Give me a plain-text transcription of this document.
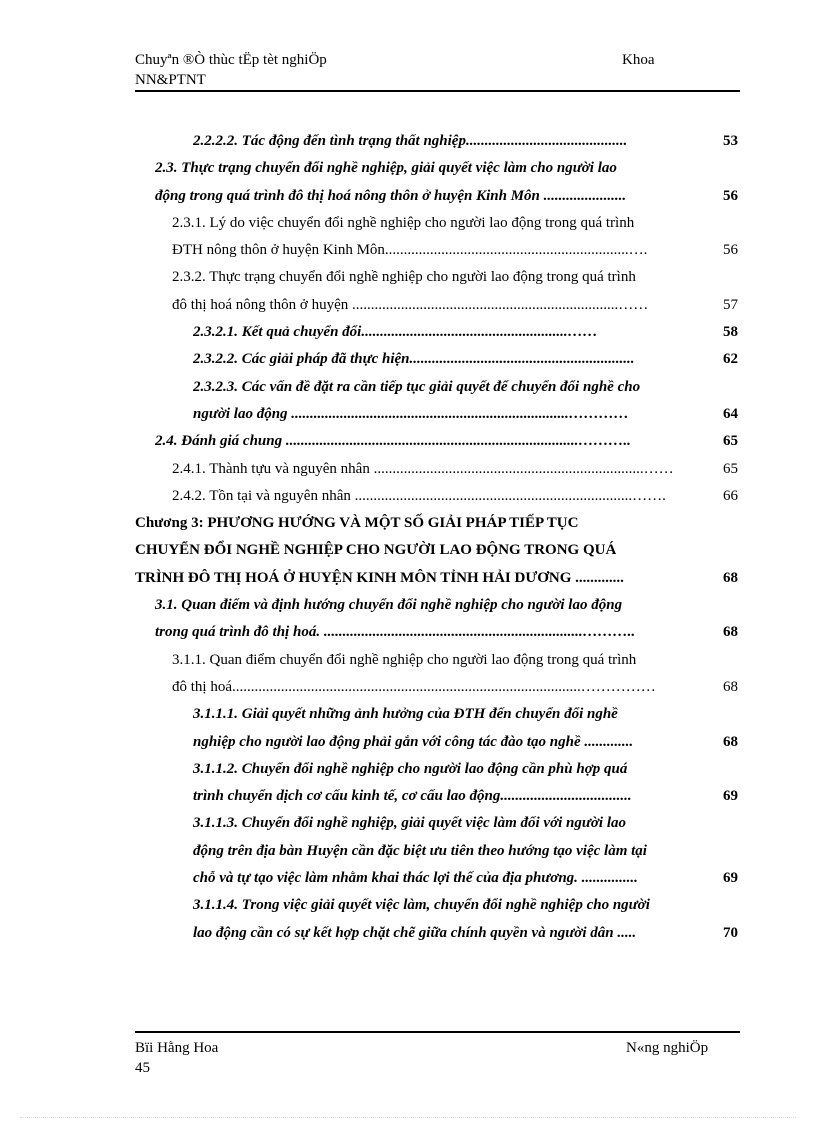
Chuyªn ®Ò thùc tËp tèt nghiÖp
NN&PTNT
Khoa
2.2.2.2. Tác động đến tình trạng thất nghiệp...........................................	53
2.3. Thực trạng chuyển đổi nghề nghiệp, giải quyết việc làm cho người lao
động trong quá trình đô thị hoá nông thôn ở huyện Kinh Môn ......................	56
2.3.1. Lý do việc chuyển đổi nghề nghiệp cho người lao động trong quá trình
ĐTH nông thôn ở huyện Kinh Môn.................................................................….	56
2.3.2. Thực trạng chuyển đổi nghề nghiệp cho người lao động trong quá trình
đô thị hoá nông thôn ở huyện .......................................................................……	57
2.3.2.1. Kết quả chuyển đổi.......................................................……	58
2.3.2.2. Các giải pháp đã thực hiện............................................................	62
2.3.2.3. Các vấn đề đặt ra cần tiếp tục giải quyết để chuyển đổi nghề cho
người lao động ..........................................................................…………	64
2.4. Đánh giá chung ..............................................................................………..	65
2.4.1. Thành tựu và nguyên nhân ........................................................................……	65
2.4.2. Tồn tại và nguyên nhân ..........................................................................…….	66
Chương 3: PHƯƠNG HƯỚNG VÀ MỘT SỐ GIẢI PHÁP TIẾP TỤC
CHUYỂN ĐỔI NGHỀ NGHIỆP CHO NGƯỜI LAO ĐỘNG TRONG QUÁ
TRÌNH ĐÔ THỊ HOÁ Ở HUYỆN KINH MÔN TỈNH HẢI DƯƠNG .............	68
3.1. Quan điểm và định hướng chuyển đổi nghề nghiệp cho người lao động
trong quá trình đô thị hoá. .....................................................................………..	68
3.1.1. Quan điểm chuyển đổi nghề nghiệp cho người lao động trong quá trình
đô thị hoá.............................................................................................……………	68
3.1.1.1. Giải quyết những ảnh hưởng của ĐTH đến chuyển đổi nghề
nghiệp cho người lao động phải gắn với công tác đào tạo nghề .............	68
3.1.1.2. Chuyển đổi nghề nghiệp cho người lao động cần phù hợp quá
trình chuyển dịch cơ cấu kinh tế, cơ cấu lao động...................................	69
3.1.1.3. Chuyển đổi nghề nghiệp, giải quyết việc làm đối với người lao
động trên địa bàn Huyện cần đặc biệt ưu tiên theo hướng tạo việc làm tại
chỗ và tự tạo việc làm nhằm khai thác lợi thế của địa phương. ...............	69
3.1.1.4. Trong việc giải quyết việc làm, chuyển đổi nghề nghiệp cho người
lao động cần có sự kết hợp chặt chẽ giữa chính quyền và người dân .....	70
Bïi Hằng Hoa	N«ng nghiÖp
45
